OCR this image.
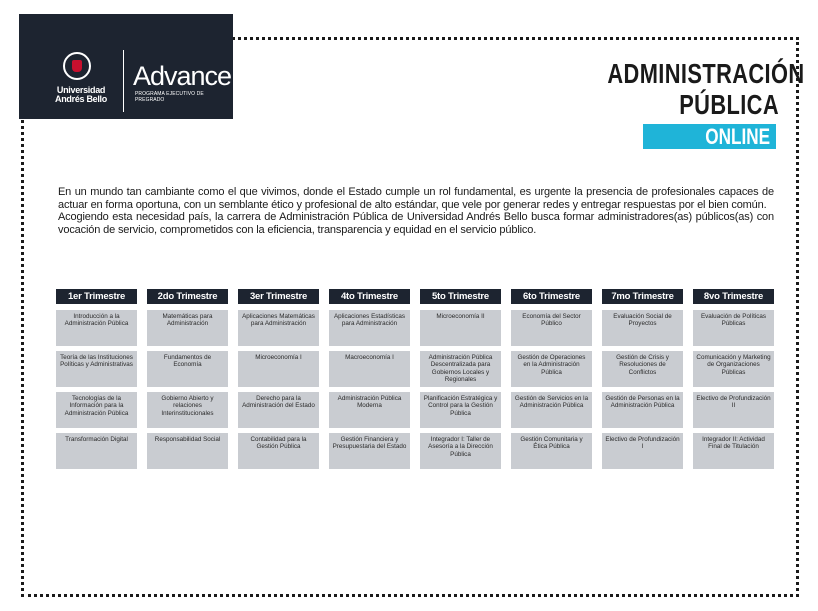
Universidad
Andrés Bello
Advance
PROGRAMA EJECUTIVO DE PREGRADO
ADMINISTRACIÓN
PÚBLICA
ONLINE

En un mundo tan cambiante como el que vivimos, donde el Estado cumple un rol fundamental, es urgente la presencia de profesionales capaces de actuar en forma oportuna, con un semblante ético y profesional de alto estándar, que vele por generar redes y entregar respuestas por el bien común.

Acogiendo esta necesidad país, la carrera de Administración Pública de Universidad Andrés Bello busca formar administradores(as) públicos(as) con vocación de servicio, comprometidos con la eficiencia, transparencia y equidad en el servicio público.

1er Trimestre
Introducción a la Administración Pública
Teoría de las Instituciones Políticas y Administrativas
Tecnologías de la Información para la Administración Pública
Transformación Digital
2do Trimestre
Matemáticas para Administración
Fundamentos de Economía
Gobierno Abierto y relaciones Interinstitucionales
Responsabilidad Social
3er Trimestre
Aplicaciones Matemáticas para Administración
Microeconomía I
Derecho para la Administración del Estado
Contabilidad para la Gestión Pública
4to Trimestre
Aplicaciones Estadísticas para Administración
Macroeconomía I
Administración Pública Moderna
Gestión Financiera y Presupuestaria del Estado
5to Trimestre
Microeconomía II
Administración Pública Descentralizada para Gobiernos Locales y Regionales
Planificación Estratégica y Control para la Gestión Pública
Integrador I: Taller de Asesoría a la Dirección Pública
6to Trimestre
Economía del Sector Público
Gestión de Operaciones en la Administración Pública
Gestión de Servicios en la Administración Pública
Gestión Comunitaria y Ética Pública
7mo Trimestre
Evaluación Social de Proyectos
Gestión de Crisis y Resoluciones de Conflictos
Gestión de Personas en la Administración Pública
Electivo de Profundización I
8vo Trimestre
Evaluación de Políticas Públicas
Comunicación y Marketing de Organizaciones Públicas
Electivo de Profundización II
Integrador II: Actividad Final de Titulación
